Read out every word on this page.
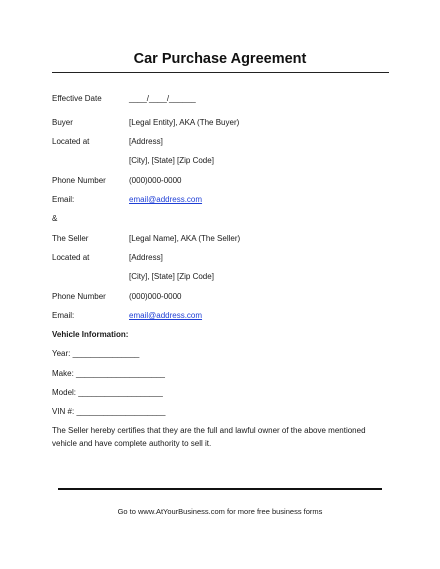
Car Purchase Agreement
Effective Date	____/____/______
Buyer	[Legal Entity], AKA (The Buyer)
Located at	[Address]
[City], [State] [Zip Code]
Phone Number	(000)000-0000
Email:	email@address.com
&
The Seller	[Legal Name], AKA (The Seller)
Located at	[Address]
[City], [State] [Zip Code]
Phone Number	(000)000-0000
Email:	email@address.com
Vehicle Information:
Year: _______________
Make: ____________________
Model: ___________________
VIN #: ____________________
The Seller hereby certifies that they are the full and lawful owner of the above mentioned vehicle and have complete authority to sell it.
Go to www.AtYourBusiness.com for more free business forms
